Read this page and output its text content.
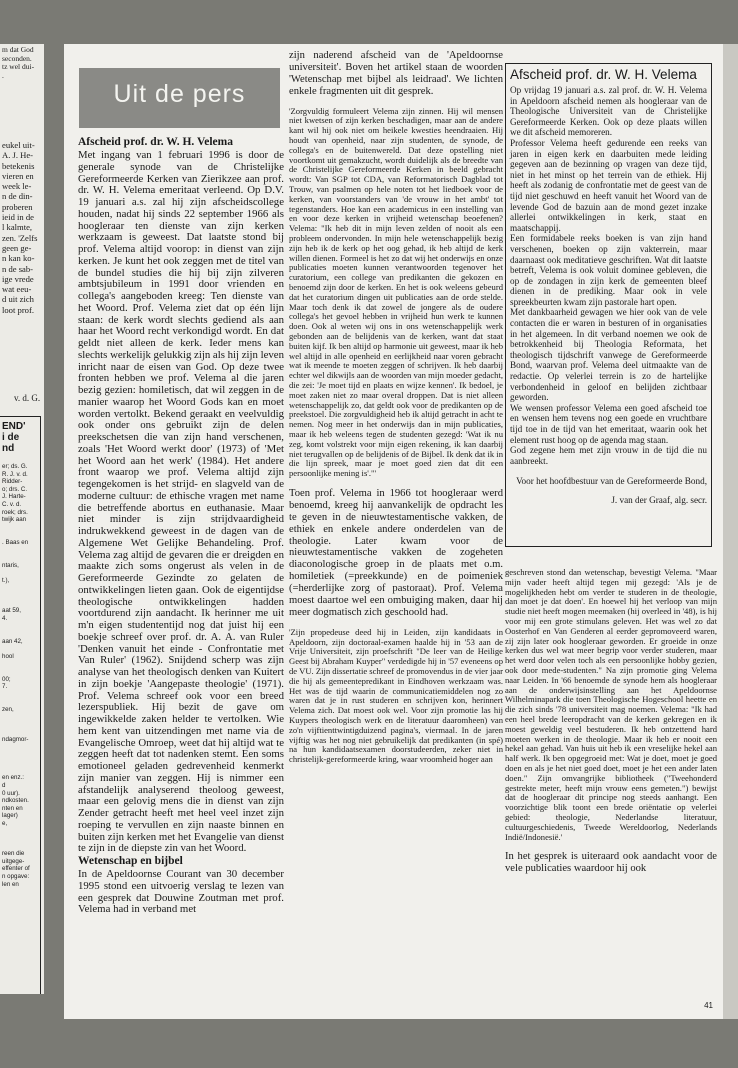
m dat God
seconden.
tz wel dui-
.
eukel uit-
A. J. He-
betekenis
vieren en
week le-
n de din-
proberen
ieid in de
l kalmte,
zen. 'Zelfs
geen ge-
n kan ko-
n de sab-
ige vrede
wat eeu-
d uit zich
loot prof.
v. d. G.
END'
i de
nd
er; ds. G.
R. J. v. d.
Ridder-
o; drs. C.
J. Harte-
C. v. d.
roek; drs.
twijk aan

. Baas en

ntaris,

t.),

aat 59,
4.

aan 42,

hool

00;
7.

zen,

ndagmor-

en enz.:
d
0 uur).
ndkosten.
nten en
lager)
e,

reen die
uitgege-
effenter of
n opgave:
len en
Uit de pers
Afscheid prof. dr. W. H. Velema

Met ingang van 1 februari 1996 is door de generale synode van de Christelijke Gereformeerde Kerken van Zierikzee aan prof. dr. W. H. Velema emeritaat verleend. Op D.V. 19 januari a.s. zal hij zijn afscheidscollege houden, nadat hij sinds 22 september 1966 als hoogleraar ten dienste van zijn kerken werkzaam is geweest. Dat laatste stond bij prof. Velema altijd voorop: in dienst van zijn kerken. Je kunt het ook zeggen met de titel van de bundel studies die hij bij zijn zilveren ambtsjubileum in 1991 door vrienden en collega's aangeboden kreeg: Ten dienste van het Woord. Prof. Velema ziet dat op één lijn staan: de kerk wordt slechts gediend als aan haar het Woord recht verkondigd wordt. En dat geldt niet alleen de kerk. Ieder mens kan slechts werkelijk gelukkig zijn als hij zijn leven inricht naar de eisen van God. Op deze twee fronten hebben we prof. Velema al die jaren bezig gezien: homiletisch, dat wil zeggen in de manier waarop het Woord Gods kan en moet worden vertolkt. Bekend geraakt en veelvuldig ook onder ons gebruikt zijn de delen preekschetsen die van zijn hand verschenen, zoals 'Het Woord werkt door' (1973) of 'Met het Woord aan het werk' (1984). Het andere front waarop we prof. Velema altijd zijn tegengekomen is het strijd- en slagveld van de moderne cultuur: de ethische vragen met name die betreffende abortus en euthanasie. Maar niet minder is zijn strijdvaardigheid indrukwekkend geweest in de dagen van de Algemene Wet Gelijke Behandeling. Prof. Velema zag altijd de gevaren die er dreigden en maakte zich soms ongerust als velen in de Gereformeerde Gezindte zo gelaten de ontwikkelingen lieten gaan. Ook de eigentijdse theologische ontwikkelingen hadden voortdurend zijn aandacht. Ik herinner me uit m'n eigen studententijd nog dat juist hij een boekje schreef over prof. dr. A. A. van Ruler 'Denken vanuit het einde - Confrontatie met Van Ruler' (1962). Snijdend scherp was zijn analyse van het theologisch denken van Kuitert in zijn boekje 'Aangepaste theologie' (1971). Prof. Velema schreef ook voor een breed lezerspubliek. Hij bezit de gave om ingewikkelde zaken helder te vertolken. Wie hem kent van uitzendingen met name via de Evangelische Omroep, weet dat hij altijd wat te zeggen heeft dat tot nadenken stemt. Een soms emotioneel geladen gedrevenheid kenmerkt zijn manier van zeggen. Hij is nimmer een afstandelijk analyserend theoloog geweest, maar een gelovig mens die in dienst van zijn Zender getracht heeft met heel veel inzet zijn roeping te vervullen en zijn naaste binnen en buiten zijn kerken met het Evangelie van dienst te zijn in de diepste zin van het Woord.

Wetenschap en bijbel

In de Apeldoornse Courant van 30 december 1995 stond een uitvoerig verslag te lezen van een gesprek dat Douwine Zoutman met prof. Velema had in verband met

zijn naderend afscheid van de 'Apeldoornse universiteit'. Boven het artikel staan de woorden 'Wetenschap met bijbel als leidraad'. We lichten enkele fragmenten uit dit gesprek.

'Zorgvuldig formuleert Velema zijn zinnen. Hij wil mensen niet kwetsen of zijn kerken beschadigen, maar aan de andere kant wil hij ook niet om heikele kwesties heendraaien. Hij houdt van openheid, naar zijn studenten, de synode, de collega's en de buitenwereld. Dat deze opstelling niet voortkomt uit gemakzucht, wordt duidelijk als de breedte van de Christelijke Gereformeerde Kerken in beeld gebracht wordt: Van SGP tot CDA, van Reformatorisch Dagblad tot Trouw, van psalmen op hele noten tot het liedboek voor de kerken, van voorstanders van 'de vrouw in het ambt' tot tegenstanders. Hoe kan een academicus in een instelling van en voor deze kerken in vrijheid wetenschap beoefenen? Velema: "Ik heb dit in mijn leven zelden of nooit als een probleem ondervonden. In mijn hele wetenschappelijk bezig zijn heb ik de kerk op het oog gehad, ik heb altijd de kerk willen dienen. Formeel is het zo dat wij het onderwijs en onze publicaties moeten kunnen verantwoorden tegenover het curatorium, een college van predikanten die gekozen en benoemd zijn door de kerken. En het is ook weleens gebeurd dat het curatorium dingen uit publicaties aan de orde stelde. Maar toch denk ik dat zowel de jongere als de oudere collega's het gevoel hebben in vrijheid hun werk te kunnen doen. Ook al weten wij ons in ons wetenschappelijk werk gebonden aan de belijdenis van de kerken, want dat staat buiten kijf. Ik ben altijd op harmonie uit geweest, maar ik heb wel altijd in alle openheid en eerlijkheid naar voren gebracht wat ik meende te moeten zeggen of schrijven. Ik heb daarbij echter wel dikwijls aan de woorden van mijn moeder gedacht, die zei: 'Je moet tijd en plaats en wijze kennen'. Ik bedoel, je moet zaken niet zo maar overal droppen. Dat is niet alleen wetenschappelijk zo, dat geldt ook voor de predikanten op de preekstoel. Die zorgvuldigheid heb ik altijd getracht in acht te nemen. Nog meer in het onderwijs dan in mijn publicaties, maar ik heb weleens tegen de studenten gezegd: 'Wat ik nu zeg, komt volstrekt voor mijn eigen rekening, ik kan daarbij niet terugvallen op de belijdenis of de Bijbel. Ik denk dat ik in die lijn spreek, maar je moet goed zien dat dit een persoonlijke mening is'."'

Toen prof. Velema in 1966 tot hoogleraar werd benoemd, kreeg hij aanvankelijk de opdracht les te geven in de nieuwtestamentische vakken, de ethiek en enkele andere onderdelen van de theologie. Later kwam voor de nieuwtestamentische vakken de zogeheten diaconologische groep in de plaats met o.m. homiletiek (=preekkunde) en de poimeniek (=herderlijke zorg of pastoraat). Prof. Velema moest daartoe wel een ombuiging maken, daar hij meer dogmatisch zich geschoold had.

'Zijn propedeuse deed hij in Leiden, zijn kandidaats in Apeldoorn, zijn doctoraal-examen haalde hij in '53 aan de Vrije Universiteit, zijn proefschrift "De leer van de Heilige Geest bij Abraham Kuyper" verdedigde hij in '57 eveneens op de VU. Zijn dissertatie schreef de promovendus in de vier jaar die hij als gemeentepredikant in Eindhoven werkzaam was. Het was de tijd waarin de communicatiemiddelen nog zo waren dat je in rust studeren en schrijven kon, herinnert Velema zich. Dat moest ook wel. Voor zijn promotie las hij Kuypers theologisch werk en de literatuur daaromheen) van zo'n vijftienttwintigduizend pagina's, viermaal. In de jaren vijftig was het nog niet gebruikelijk dat predikanten (in spé) na hun kandidaatsexamen doorstudeerden, zeker niet in christelijk-gereformeerde kring, waar vroomheid hoger aan

Afscheid prof. dr. W. H. Velema

Op vrijdag 19 januari a.s. zal prof. dr. W. H. Velema in Apeldoorn afscheid nemen als hoogleraar van de Theologische Universiteit van de Christelijke Gereformeerde Kerken. Ook op deze plaats willen we dit afscheid memoreren.

Professor Velema heeft gedurende een reeks van jaren in eigen kerk en daarbuiten mede leiding gegeven aan de bezinning op vragen van deze tijd, niet in het minst op het terrein van de ethiek. Hij heeft als zodanig de confrontatie met de geest van de tijd niet geschuwd en heeft vanuit het Woord van de levende God de bazuin aan de mond gezet inzake allerlei ontwikkelingen in kerk, staat en maatschappij.

Een formidabele reeks boeken is van zijn hand verschenen, boeken op zijn vakterrein, maar daarnaast ook meditatieve geschriften. Wat dit laatste betreft, Velema is ook voluit dominee gebleven, die op de zondagen in zijn kerk de gemeenten bleef dienen in de prediking. Maar ook in vele spreekbeurten kwam zijn pastorale hart open.

Met dankbaarheid gewagen we hier ook van de vele contacten die er waren in besturen of in organisaties in het algemeen. In dit verband noemen we ook de betrokkenheid bij Theologia Reformata, het theologisch tijdschrift vanwege de Gereformeerde Bond, waarvan prof. Velema deel uitmaakte van de redactie. Op velerlei terrein is zo de hartelijke verbondenheid in geloof en belijden zichtbaar geworden.

We wensen professor Velema een goed afscheid toe en wensen hem tevens nog een goede en vruchtbare tijd toe in de tijd van het emeritaat, waarin ook het element rust hoog op de agenda mag staan.

God zegene hem met zijn vrouw in de tijd die nu aanbreekt.

Voor het hoofdbestuur van de Gereformeerde Bond,

J. van der Graaf, alg. secr.

geschreven stond dan wetenschap, bevestigt Velema. "Maar mijn vader heeft altijd tegen mij gezegd: 'Als je de mogelijkheden hebt om verder te studeren in de theologie, dan moet je dat doen'. En hoewel hij het verloop van mijn studie niet heeft mogen meemaken (hij overleed in '48), is hij voor mij een grote stimulans geleven. Het was wel zo dat Oosterhof en Van Genderen al eerder gepromoveerd waren, zij zijn later ook hoogleraar geworden. Er groeide in onze kerken dus wel wat meer begrip voor verder studeren, maar het werd door velen toch als een persoonlijke hobby gezien, ook door mede-studenten." Na zijn promotie ging Velema naar Leiden. In '66 benoemde de synode hem als hoogleraar aan de onderwijsinstelling aan het Apeldoornse Wilhelminapark die toen Theologische Hogeschool heette en die zich sinds '78 universiteit mag noemen. Velema: "Ik had een heel brede leeropdracht van de kerken gekregen en ik moest geweldig veel bestuderen. Ik heb ontzettend hard moeten werken in de theologie. Maar ik heb er nooit een hekel aan gehad. Van huis uit heb ik een vreselijke hekel aan half werk. Ik ben opgegroeid met: Wat je doet, moet je goed doen en als je het niet goed doet, moet je het een ander laten doen." Zijn omvangrijke bibliotheek ("Tweehonderd gestrekte meter, heeft mijn vrouw eens gemeten.") bewijst dat de hoogleraar dit principe nog steeds aanhangt. Een voorzichtige blik toont een brede oriëntatie op velerlei gebied: theologie, Nederlandse literatuur, cultuurgeschiedenis, Tweede Wereldoorlog, Nederlands Indië/Indonesië.'

In het gesprek is uiteraard ook aandacht voor de vele publicaties waardoor hij ook

41
